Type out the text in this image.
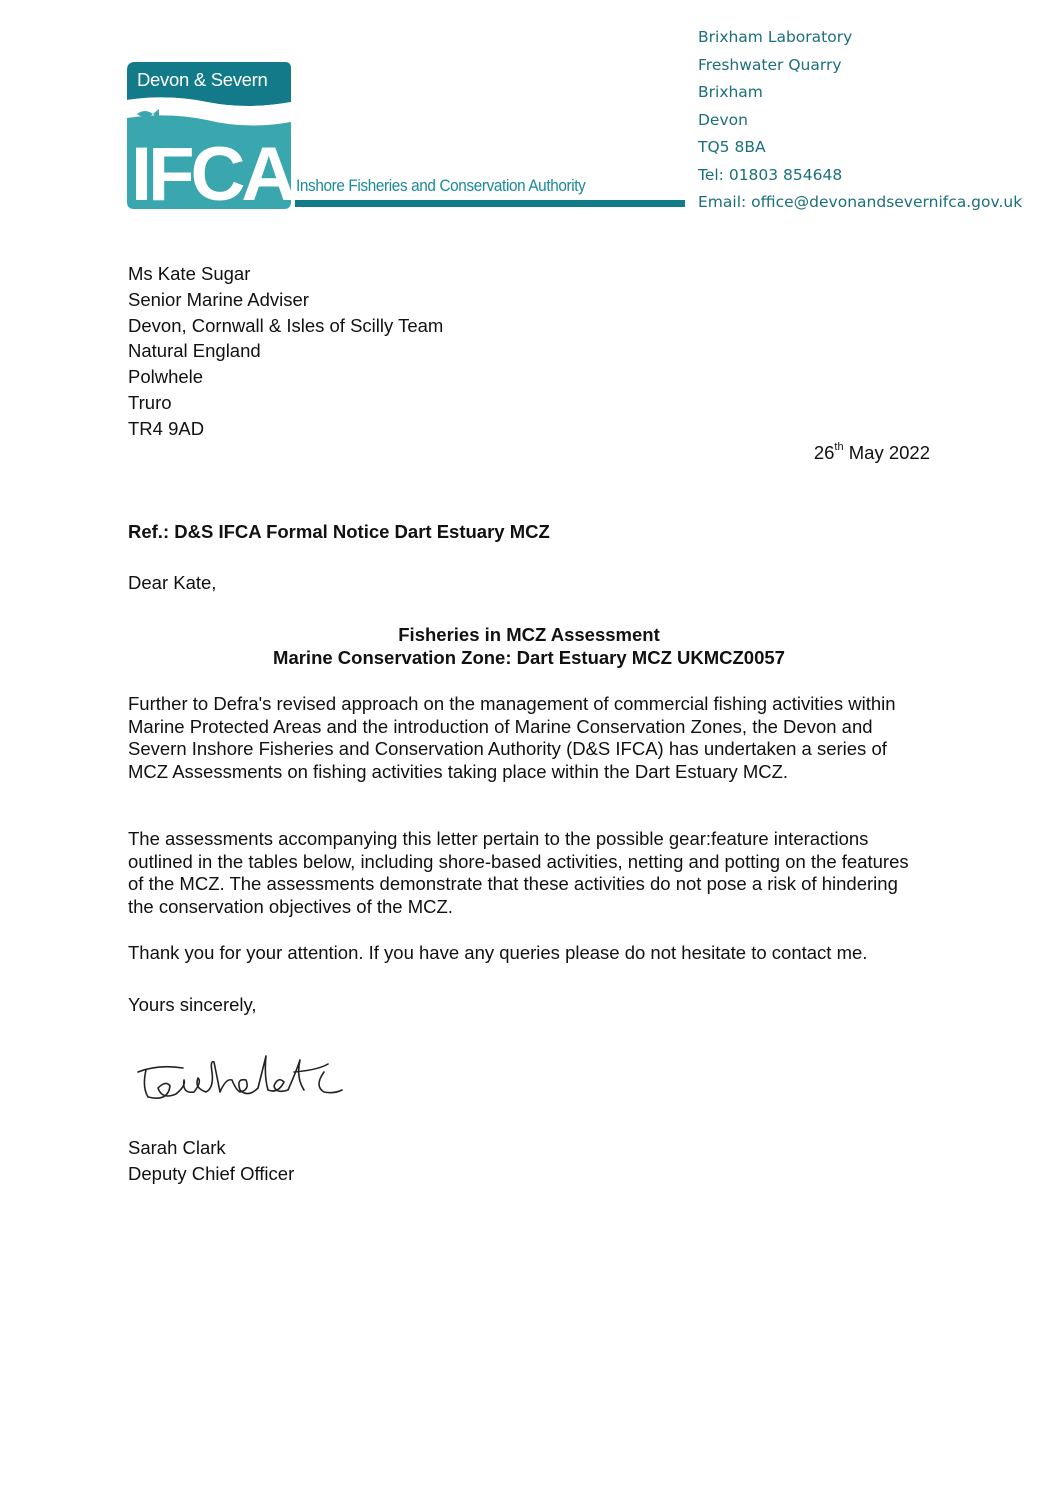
IFCA
Devon & Severn
Inshore Fisheries and Conservation Authority
Brixham Laboratory
Freshwater Quarry
Brixham
Devon
TQ5 8BA
Tel: 01803 854648
Email: office@devonandsevernifca.gov.uk
Ms Kate Sugar
Senior Marine Adviser
Devon, Cornwall & Isles of Scilly Team
Natural England
Polwhele
Truro
TR4 9AD
26th May 2022
Ref.: D&S IFCA Formal Notice Dart Estuary MCZ
Dear Kate,
Fisheries in MCZ Assessment
Marine Conservation Zone: Dart Estuary MCZ UKMCZ0057
Further to Defra's revised approach on the management of commercial fishing activities within Marine Protected Areas and the introduction of Marine Conservation Zones, the Devon and Severn Inshore Fisheries and Conservation Authority (D&S IFCA) has undertaken a series of MCZ Assessments on fishing activities taking place within the Dart Estuary MCZ.
The assessments accompanying this letter pertain to the possible gear:feature interactions outlined in the tables below, including shore-based activities, netting and potting on the features of the MCZ. The assessments demonstrate that these activities do not pose a risk of hindering the conservation objectives of the MCZ.
Thank you for your attention. If you have any queries please do not hesitate to contact me.
Yours sincerely,
Sarah Clark
Deputy Chief Officer
